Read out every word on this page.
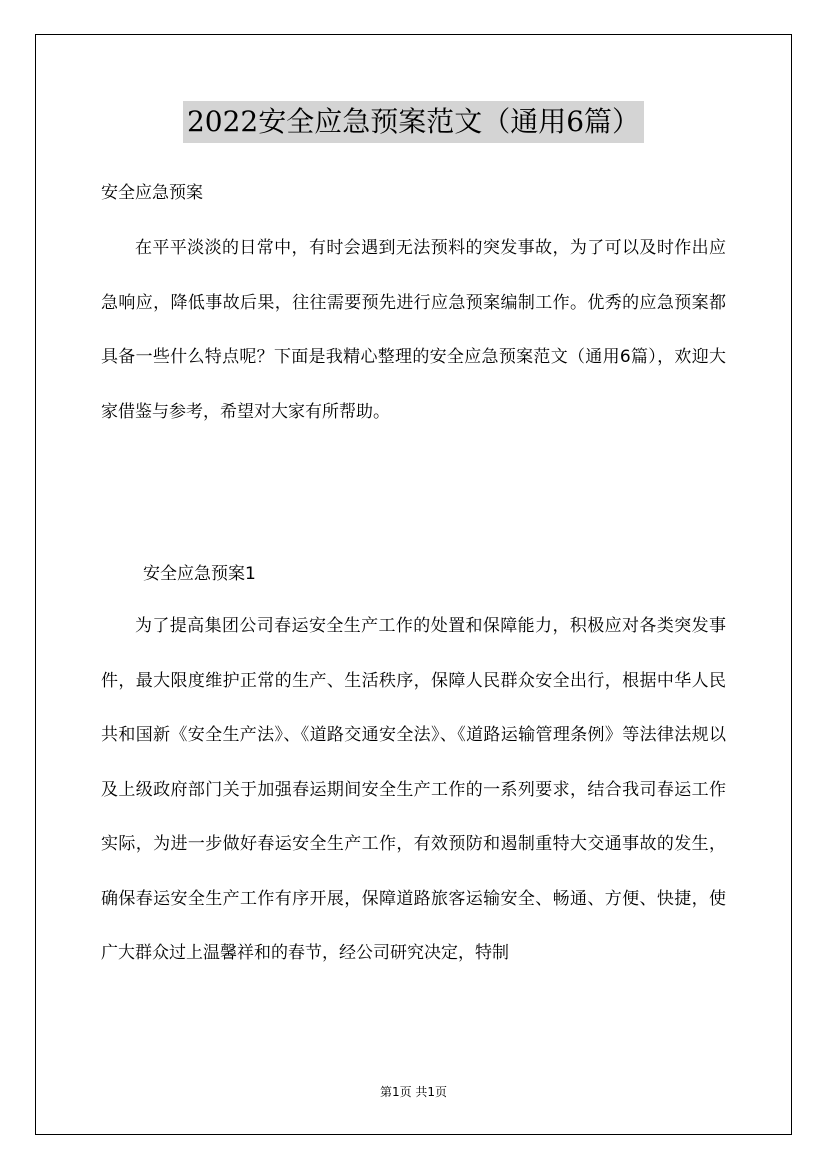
2022安全应急预案范文（通用6篇）
安全应急预案

在平平淡淡的日常中，有时会遇到无法预料的突发事故，为了可以及时作出应急响应，降低事故后果，往往需要预先进行应急预案编制工作。优秀的应急预案都具备一些什么特点呢？下面是我精心整理的安全应急预案范文（通用6篇），欢迎大家借鉴与参考，希望对大家有所帮助。

安全应急预案1

为了提高集团公司春运安全生产工作的处置和保障能力，积极应对各类突发事件，最大限度维护正常的生产、生活秩序，保障人民群众安全出行，根据中华人民共和国新《安全生产法》、《道路交通安全法》、《道路运输管理条例》等法律法规以及上级政府部门关于加强春运期间安全生产工作的一系列要求，结合我司春运工作实际，为进一步做好春运安全生产工作，有效预防和遏制重特大交通事故的发生，确保春运安全生产工作有序开展，保障道路旅客运输安全、畅通、方便、快捷，使广大群众过上温馨祥和的春节，经公司研究决定，特制

第1页 共1页
